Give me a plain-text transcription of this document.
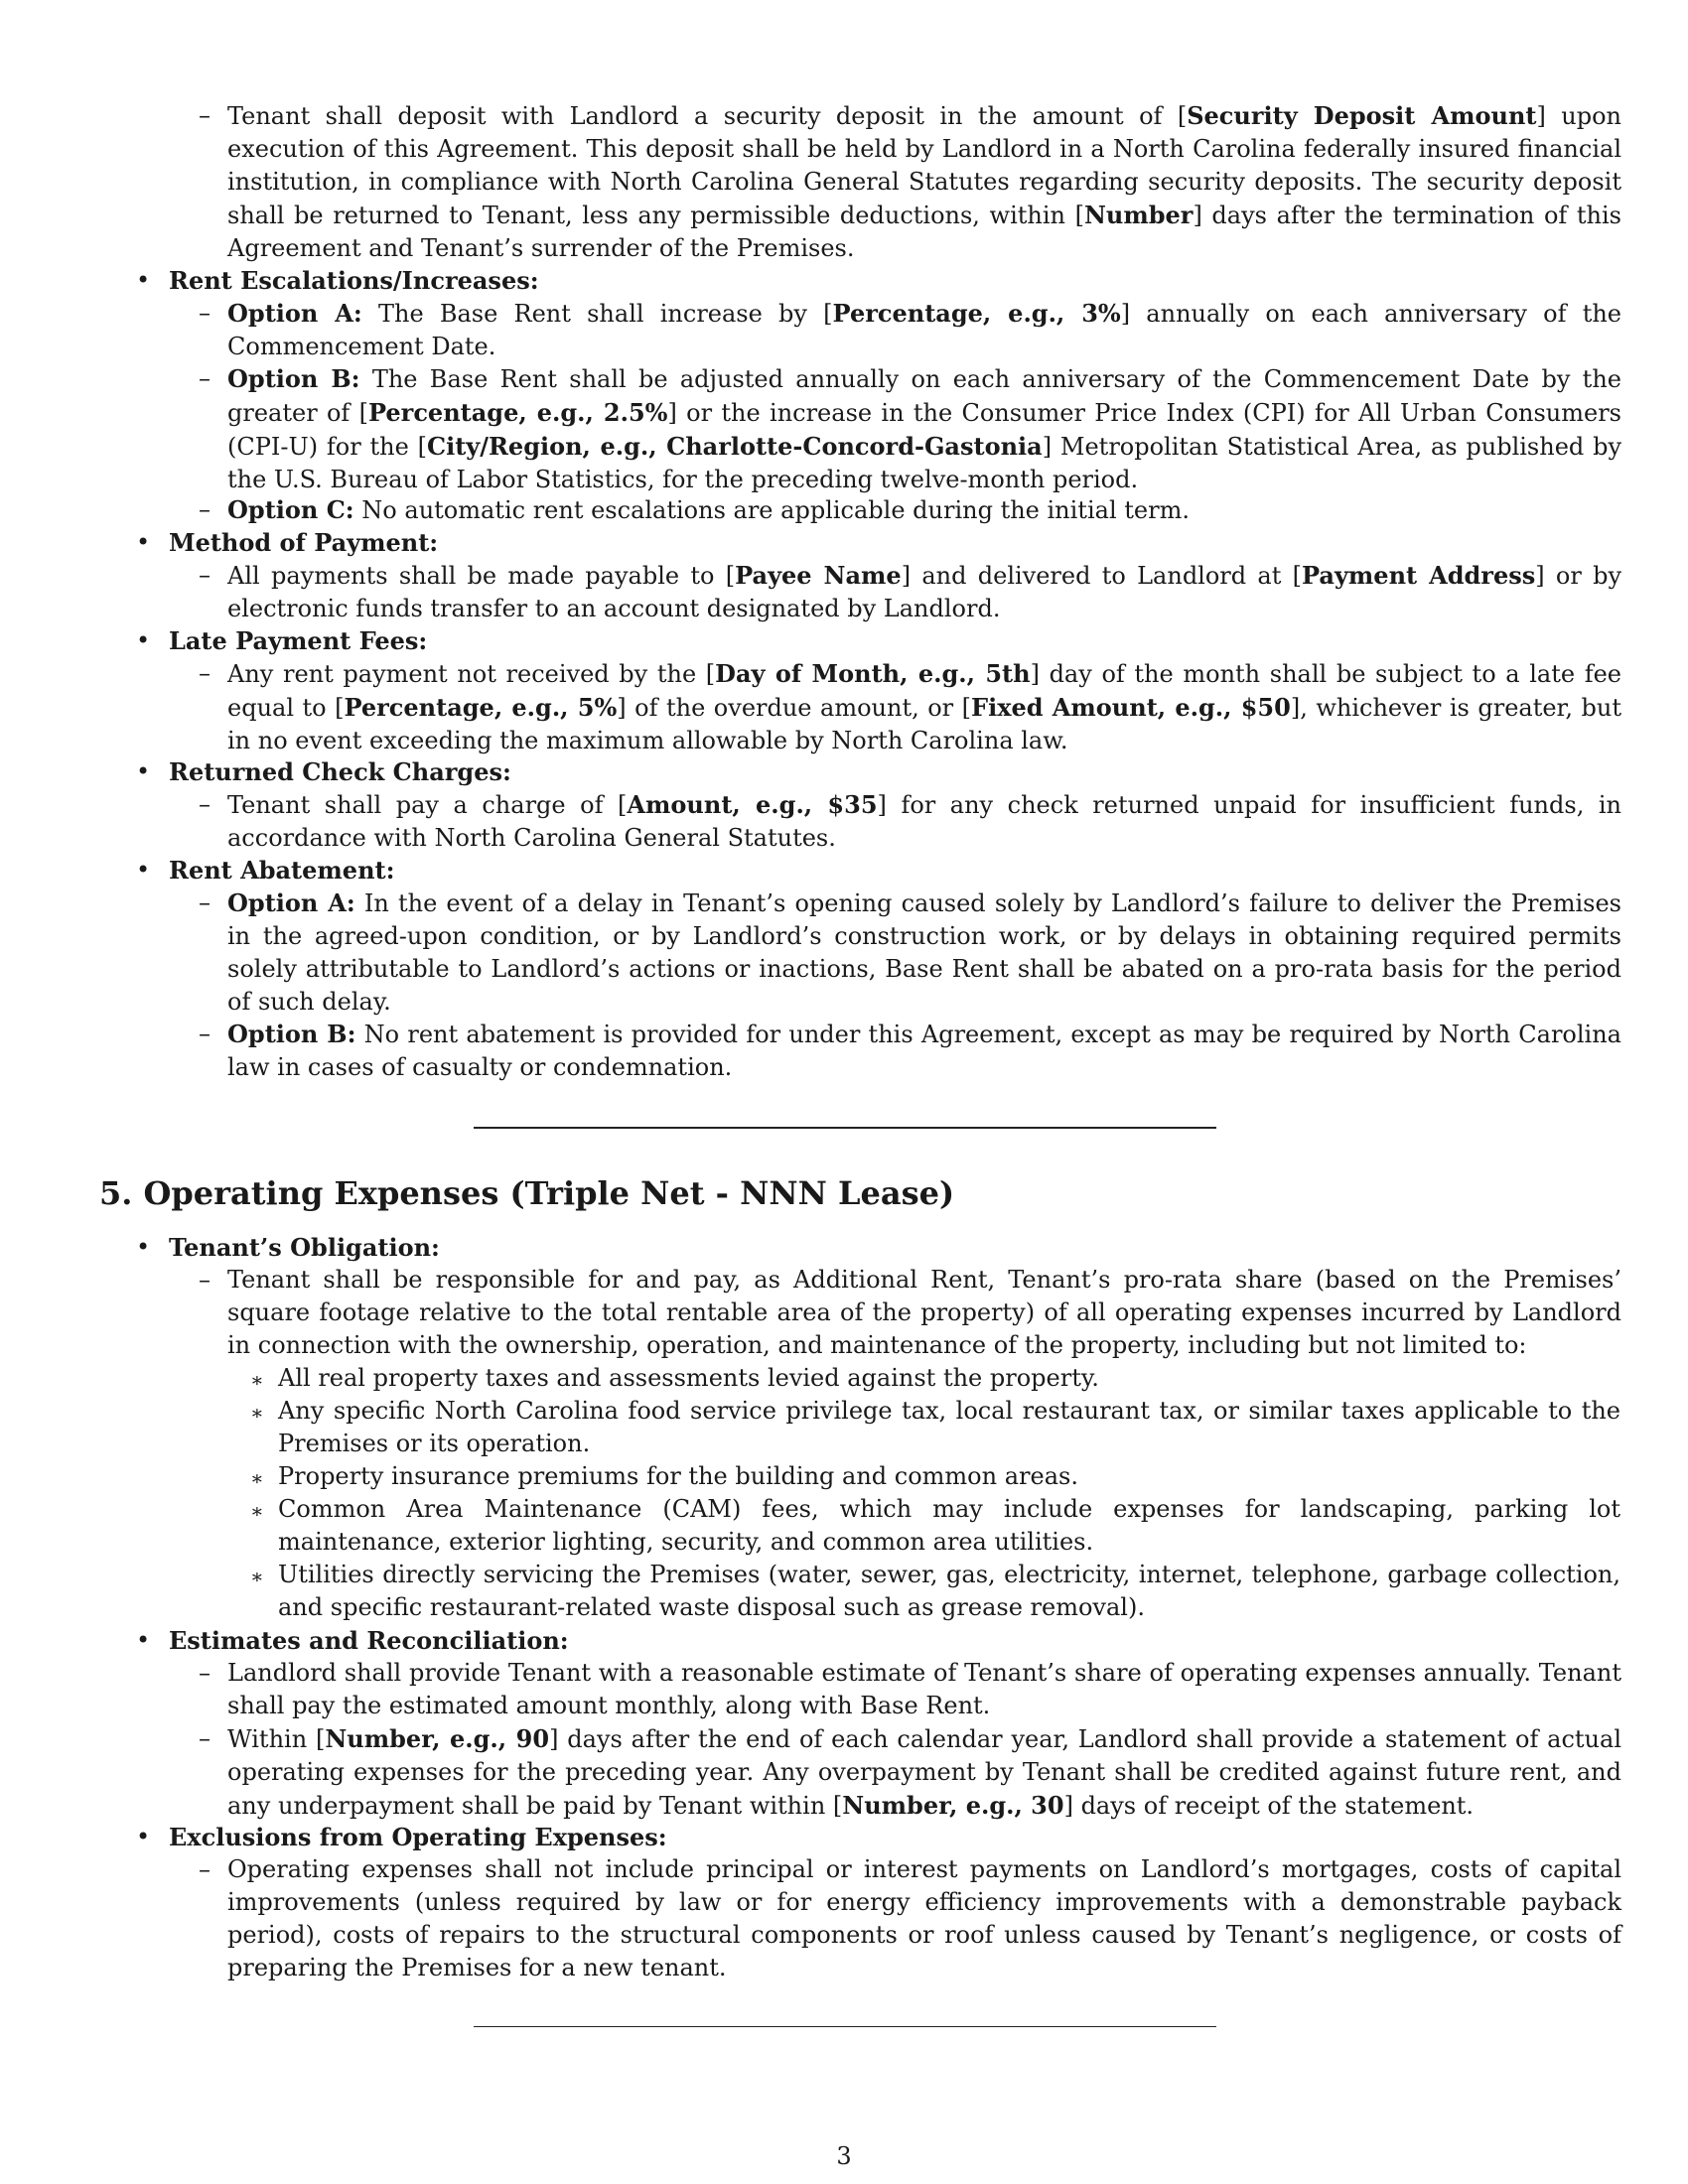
– Tenant shall deposit with Landlord a security deposit in the amount of [Security Deposit Amount] upon execution of this Agreement. This deposit shall be held by Landlord in a North Carolina federally insured financial institution, in compliance with North Carolina General Statutes regarding security deposits. The security deposit shall be returned to Tenant, less any permissible deductions, within [Number] days after the termination of this Agreement and Tenant’s surrender of the Premises.

• Rent Escalations/Increases:

– Option A: The Base Rent shall increase by [Percentage, e.g., 3%] annually on each anniversary of the Commencement Date.

– Option B: The Base Rent shall be adjusted annually on each anniversary of the Commencement Date by the greater of [Percentage, e.g., 2.5%] or the increase in the Consumer Price Index (CPI) for All Urban Consumers (CPI-U) for the [City/Region, e.g., Charlotte-Concord-Gastonia] Metropolitan Statistical Area, as published by the U.S. Bureau of Labor Statistics, for the preceding twelve-month period.

– Option C: No automatic rent escalations are applicable during the initial term.

• Method of Payment:

– All payments shall be made payable to [Payee Name] and delivered to Landlord at [Payment Address] or by electronic funds transfer to an account designated by Landlord.

• Late Payment Fees:

– Any rent payment not received by the [Day of Month, e.g., 5th] day of the month shall be subject to a late fee equal to [Percentage, e.g., 5%] of the overdue amount, or [Fixed Amount, e.g., $50], whichever is greater, but in no event exceeding the maximum allowable by North Carolina law.

• Returned Check Charges:

– Tenant shall pay a charge of [Amount, e.g., $35] for any check returned unpaid for insufficient funds, in accordance with North Carolina General Statutes.

• Rent Abatement:

– Option A: In the event of a delay in Tenant’s opening caused solely by Landlord’s failure to deliver the Premises in the agreed-upon condition, or by Landlord’s construction work, or by delays in obtaining required permits solely attributable to Landlord’s actions or inactions, Base Rent shall be abated on a pro-rata basis for the period of such delay.

– Option B: No rent abatement is provided for under this Agreement, except as may be required by North Carolina law in cases of casualty or condemnation.

5. Operating Expenses (Triple Net - NNN Lease)
• Tenant’s Obligation:

– Tenant shall be responsible for and pay, as Additional Rent, Tenant’s pro-rata share (based on the Premises’ square footage relative to the total rentable area of the property) of all operating expenses incurred by Landlord in connection with the ownership, operation, and maintenance of the property, including but not limited to:

∗ All real property taxes and assessments levied against the property.

∗ Any specific North Carolina food service privilege tax, local restaurant tax, or similar taxes applicable to the Premises or its operation.

∗ Property insurance premiums for the building and common areas.

∗ Common Area Maintenance (CAM) fees, which may include expenses for landscaping, parking lot maintenance, exterior lighting, security, and common area utilities.

∗ Utilities directly servicing the Premises (water, sewer, gas, electricity, internet, telephone, garbage collection, and specific restaurant-related waste disposal such as grease removal).

• Estimates and Reconciliation:

– Landlord shall provide Tenant with a reasonable estimate of Tenant’s share of operating expenses annually. Tenant shall pay the estimated amount monthly, along with Base Rent.

– Within [Number, e.g., 90] days after the end of each calendar year, Landlord shall provide a statement of actual operating expenses for the preceding year. Any overpayment by Tenant shall be credited against future rent, and any underpayment shall be paid by Tenant within [Number, e.g., 30] days of receipt of the statement.

• Exclusions from Operating Expenses:

– Operating expenses shall not include principal or interest payments on Landlord’s mortgages, costs of capital improvements (unless required by law or for energy efficiency improvements with a demonstrable payback period), costs of repairs to the structural components or roof unless caused by Tenant’s negligence, or costs of preparing the Premises for a new tenant.

3
